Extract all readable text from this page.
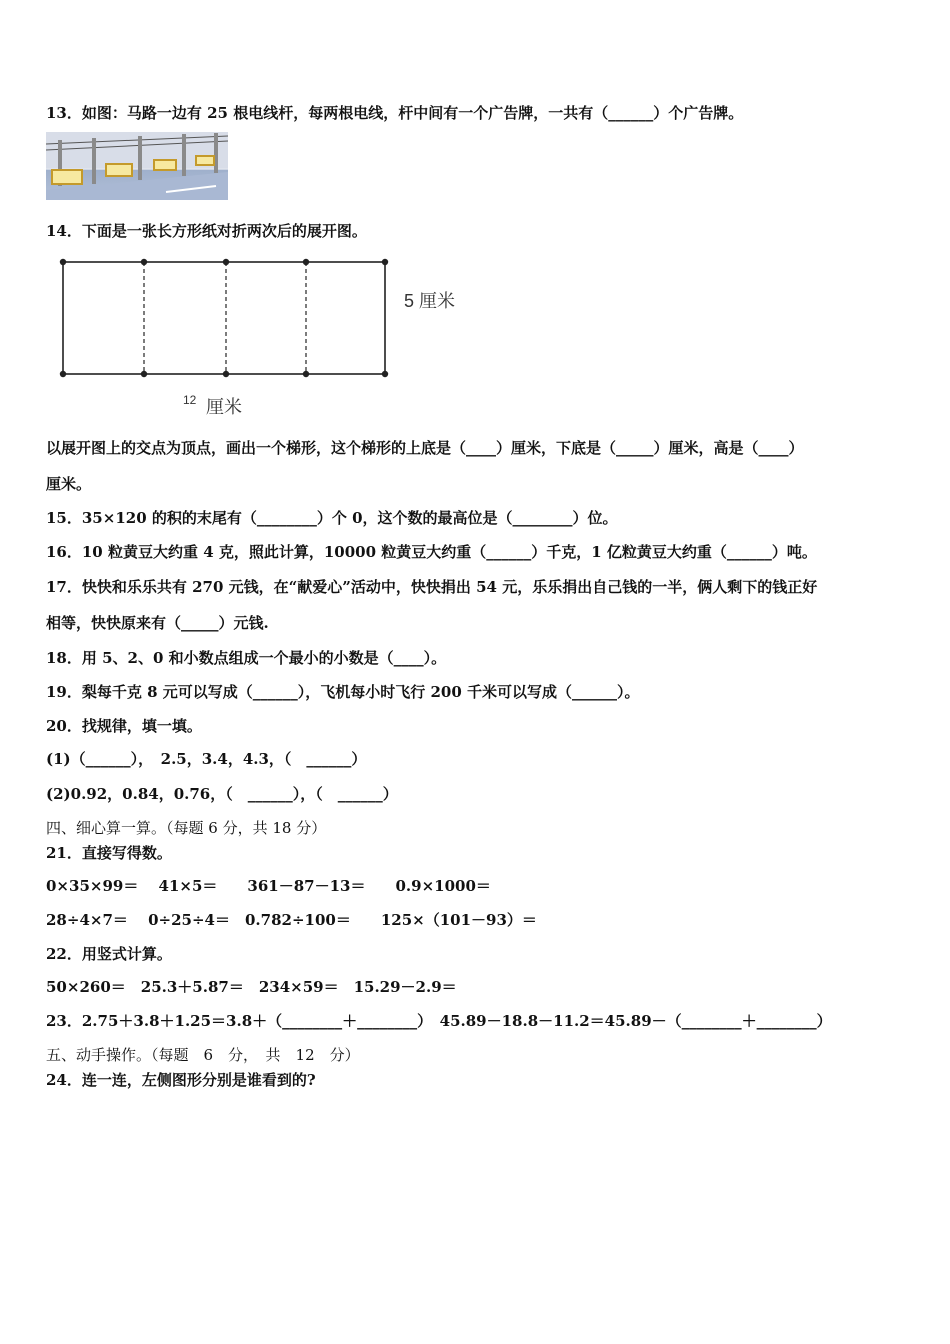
13．如图：马路一边有 25 根电线杆，每两根电线，杆中间有一个广告牌，一共有（______）个广告牌。
14．下面是一张长方形纸对折两次后的展开图。
5 厘米
12 厘米
以展开图上的交点为顶点，画出一个梯形，这个梯形的上底是（____）厘米，下底是（_____）厘米，高是（____）
厘米。
15．35×120 的积的末尾有（________）个 0，这个数的最高位是（________）位。
16．10 粒黄豆大约重 4 克，照此计算，10000 粒黄豆大约重（______）千克，1 亿粒黄豆大约重（______）吨。
17．快快和乐乐共有 270 元钱，在“献爱心”活动中，快快捐出 54 元，乐乐捐出自己钱的一半，俩人剩下的钱正好
相等，快快原来有（_____）元钱.
18．用 5、2、0 和小数点组成一个最小的小数是（____）。
19．梨每千克 8 元可以写成（______），飞机每小时飞行 200 千米可以写成（______）。
20．找规律，填一填。
(1)（______），　2.5，3.4，4.3，（　______）
(2)0.92，0.84，0.76，（　______），（　______）
四、细心算一算。（每题 6 分，共 18 分）
21．直接写得数。
0×35×99＝　 41×5＝　　361－87－13＝　　0.9×1000＝
28÷4×7＝　 0÷25÷4＝　0.782÷100＝　　125×（101－93）＝
22．用竖式计算。
50×260＝　25.3＋5.87＝　234×59＝　15.29－2.9＝
23．2.75＋3.8＋1.25＝3.8＋（________＋________）　45.89－18.8－11.2＝45.89－（________＋________）
五、动手操作。（每题　6　分，　共　12　分）
24．连一连，左侧图形分别是谁看到的?
